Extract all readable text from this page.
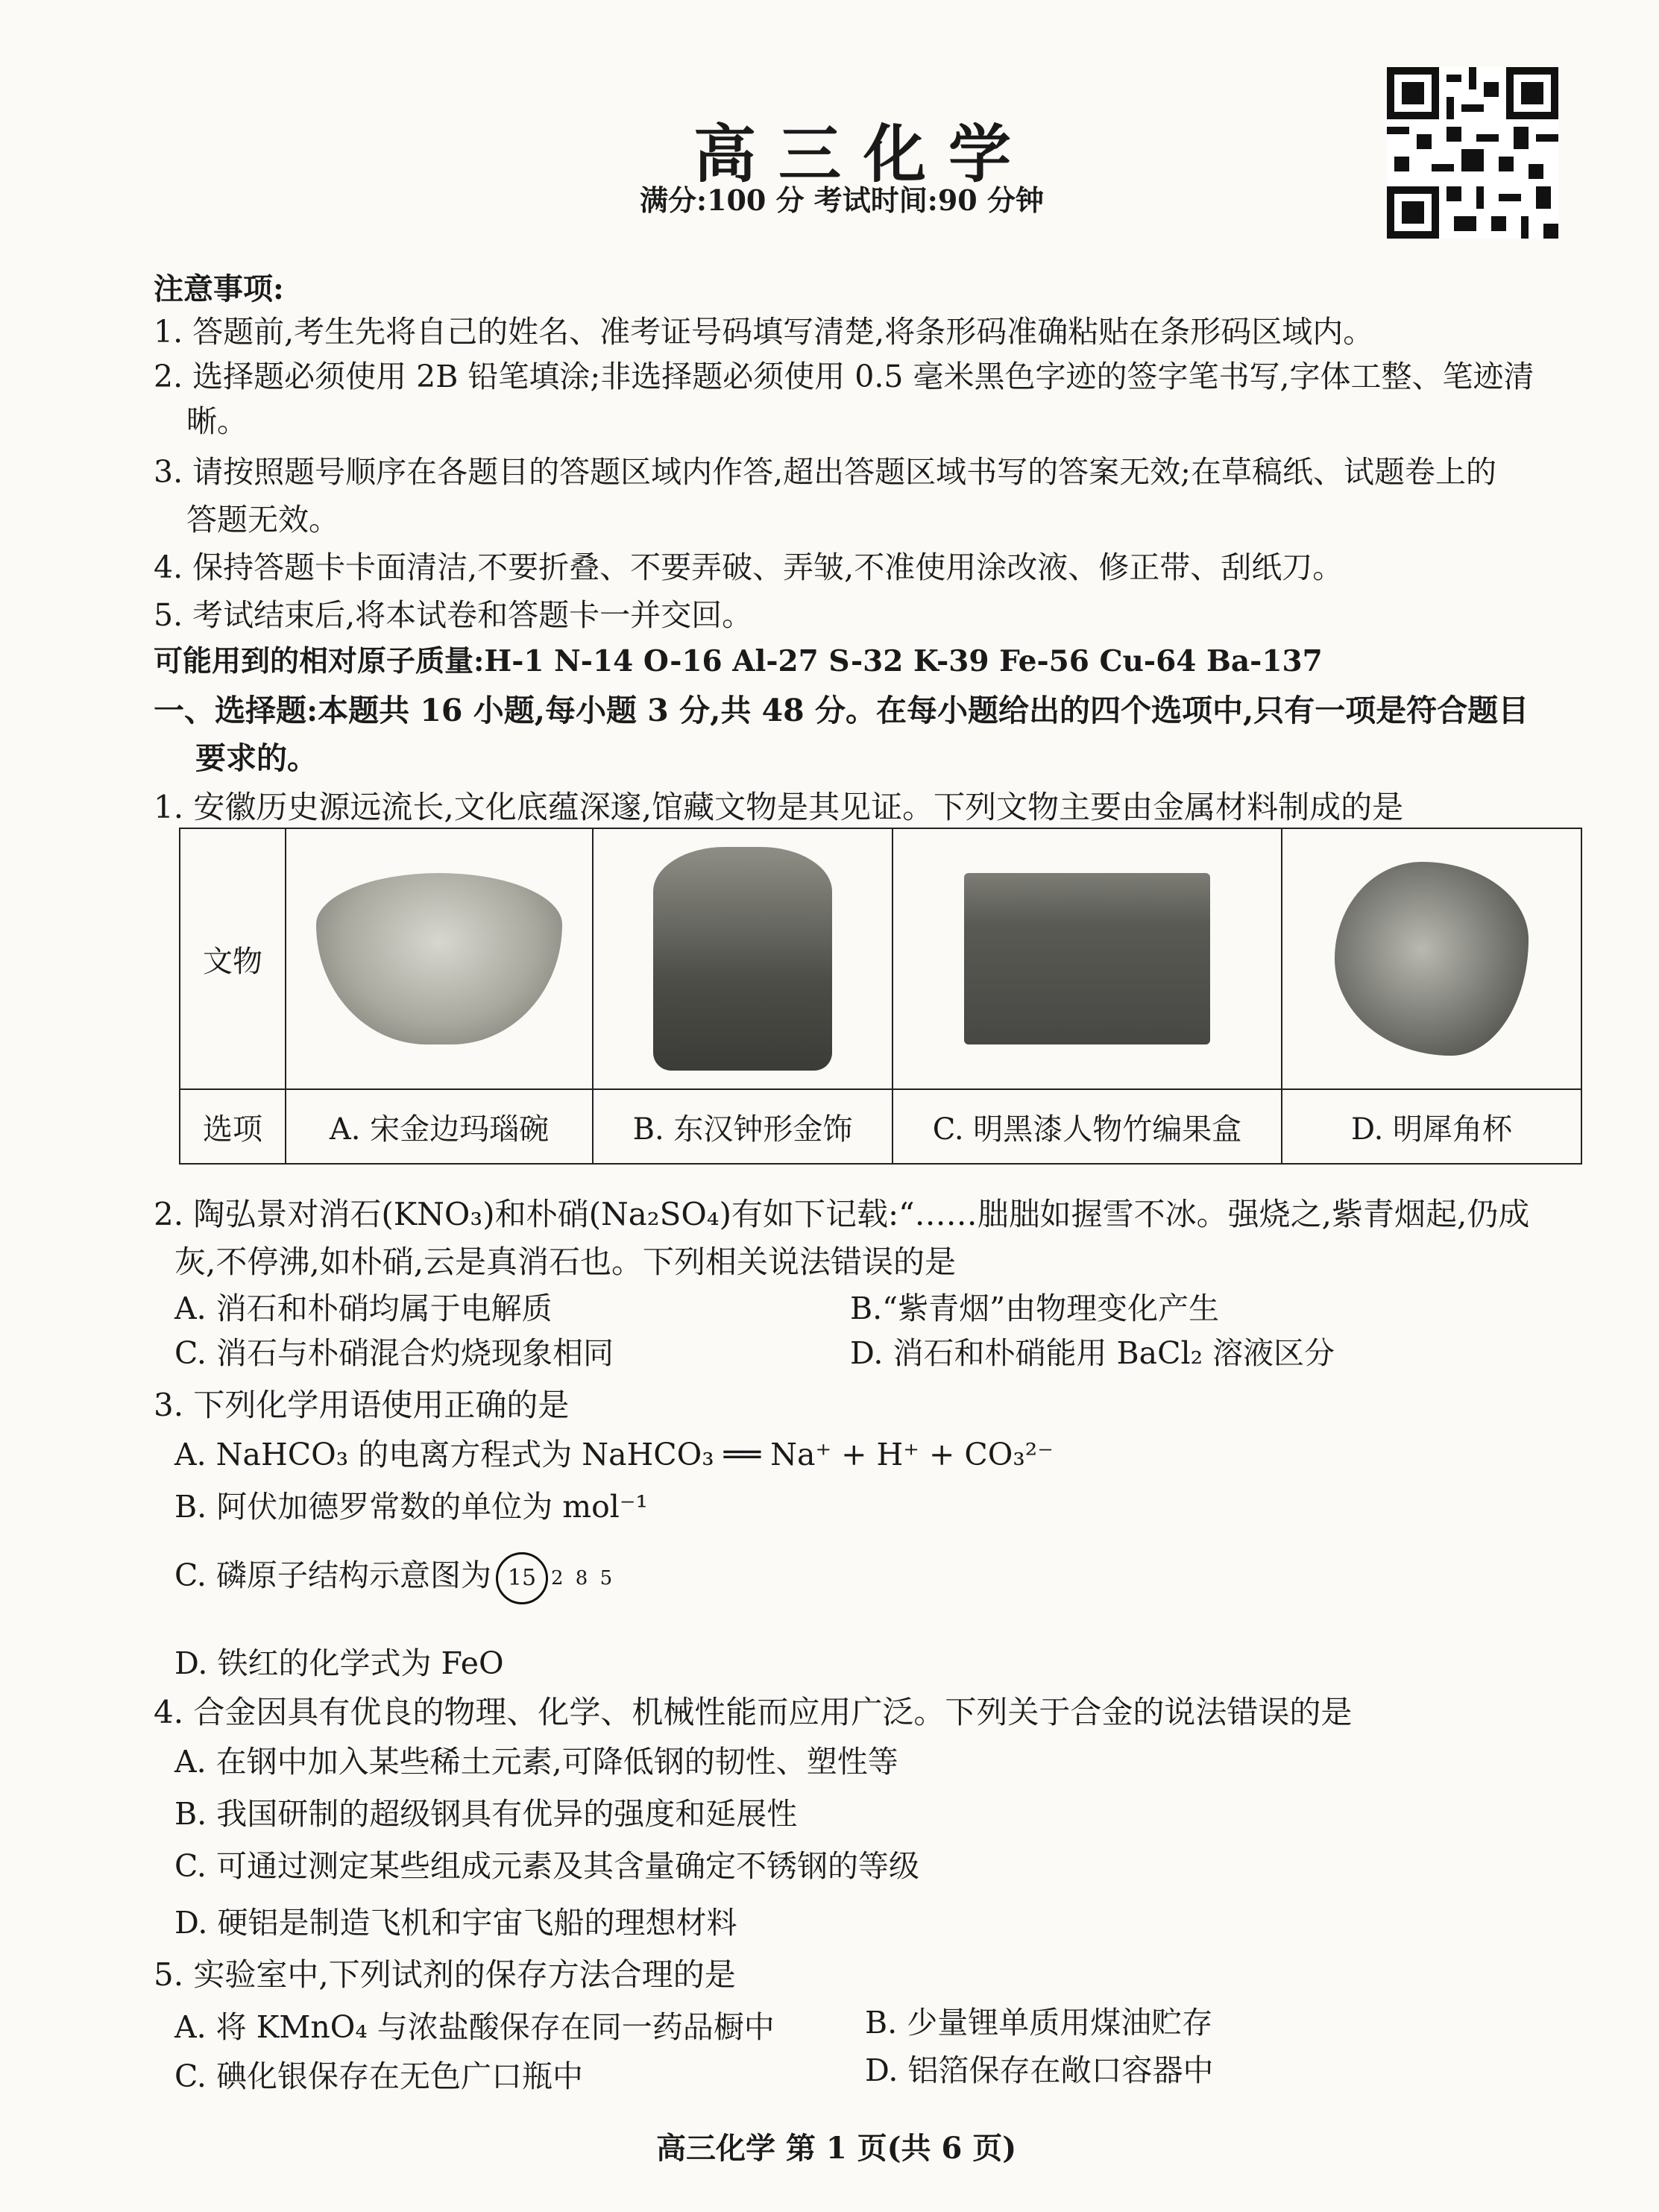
高三化学
满分:100 分 考试时间:90 分钟
注意事项:
1. 答题前,考生先将自己的姓名、准考证号码填写清楚,将条形码准确粘贴在条形码区域内。
2. 选择题必须使用 2B 铅笔填涂;非选择题必须使用 0.5 毫米黑色字迹的签字笔书写,字体工整、笔迹清
晰。
3. 请按照题号顺序在各题目的答题区域内作答,超出答题区域书写的答案无效;在草稿纸、试题卷上的
答题无效。
4. 保持答题卡卡面清洁,不要折叠、不要弄破、弄皱,不准使用涂改液、修正带、刮纸刀。
5. 考试结束后,将本试卷和答题卡一并交回。
可能用到的相对原子质量:H-1 N-14 O-16 Al-27 S-32 K-39 Fe-56 Cu-64 Ba-137
一、选择题:本题共 16 小题,每小题 3 分,共 48 分。在每小题给出的四个选项中,只有一项是符合题目
要求的。
1. 安徽历史源远流长,文化底蕴深邃,馆藏文物是其见证。下列文物主要由金属材料制成的是
文物	

选项	A. 宋金边玛瑙碗	B. 东汉钟形金饰	C. 明黑漆人物竹编果盒	D. 明犀角杯
2. 陶弘景对消石(KNO₃)和朴硝(Na₂SO₄)有如下记载:“……朏朏如握雪不冰。强烧之,紫青烟起,仍成
灰,不停沸,如朴硝,云是真消石也。下列相关说法错误的是
A. 消石和朴硝均属于电解质	B.“紫青烟”由物理变化产生
C. 消石与朴硝混合灼烧现象相同	D. 消石和朴硝能用 BaCl₂ 溶液区分
3. 下列化学用语使用正确的是
A. NaHCO₃ 的电离方程式为 NaHCO₃ ══ Na⁺ + H⁺ + CO₃²⁻
B. 阿伏加德罗常数的单位为 mol⁻¹
C. 磷原子结构示意图为 15 2 8 5
D. 铁红的化学式为 FeO
4. 合金因具有优良的物理、化学、机械性能而应用广泛。下列关于合金的说法错误的是
A. 在钢中加入某些稀土元素,可降低钢的韧性、塑性等
B. 我国研制的超级钢具有优异的强度和延展性
C. 可通过测定某些组成元素及其含量确定不锈钢的等级
D. 硬铝是制造飞机和宇宙飞船的理想材料
5. 实验室中,下列试剂的保存方法合理的是
A. 将 KMnO₄ 与浓盐酸保存在同一药品橱中	B. 少量锂单质用煤油贮存
C. 碘化银保存在无色广口瓶中	D. 铝箔保存在敞口容器中
高三化学 第 1 页(共 6 页)
